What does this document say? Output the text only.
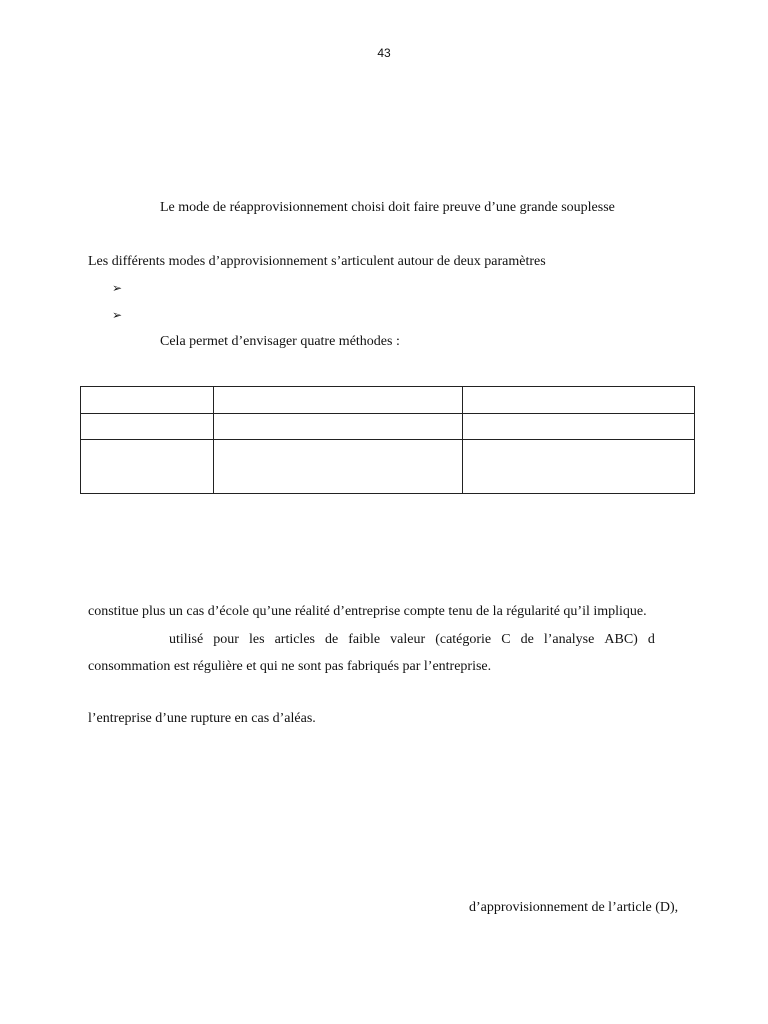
43
Le mode de réapprovisionnement choisi doit faire preuve d’une grande souplesse
Les différents modes d’approvisionnement s’articulent autour de deux paramètres
➢
➢
Cela permet d’envisager quatre méthodes :

constitue plus un cas d’école qu’une réalité d’entreprise compte tenu de la régularité qu’il implique.
utilisé pour les articles de faible valeur (catégorie C de l’analyse ABC) d
consommation est régulière et qui ne sont pas fabriqués par l’entreprise.
l’entreprise d’une rupture en cas d’aléas.
d’approvisionnement de l’article (D),
